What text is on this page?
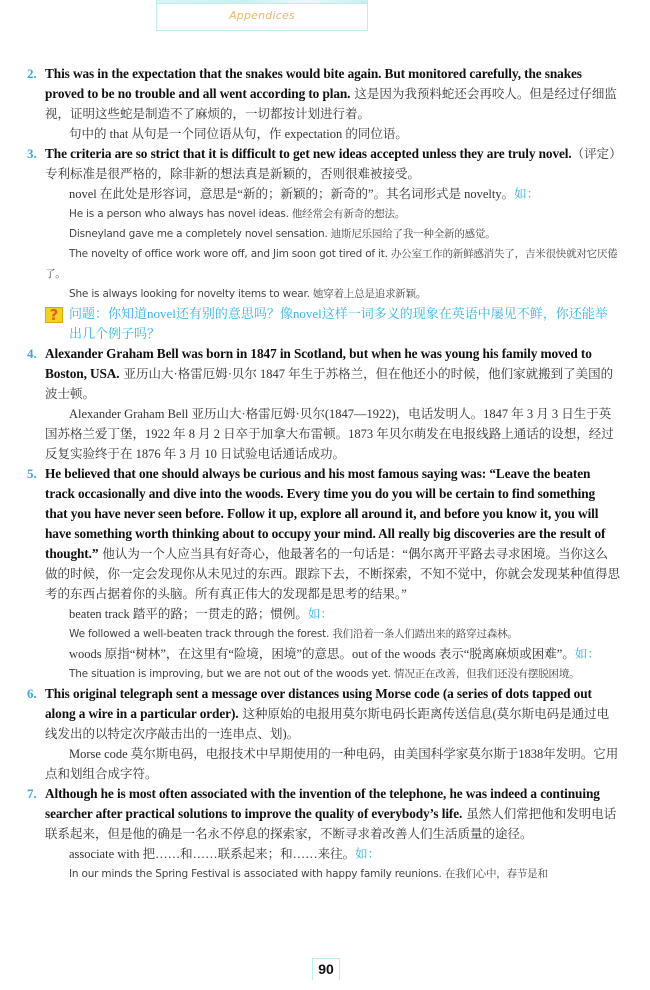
Appendices
2. This was in the expectation that the snakes would bite again. But monitored carefully, the snakes proved to be no trouble and all went according to plan. 这是因为我预料蛇还会再咬人。但是经过仔细监视，证明这些蛇是制造不了麻烦的，一切都按计划进行着。

句中的 that 从句是一个同位语从句，作 expectation 的同位语。

3. The criteria are so strict that it is difficult to get new ideas accepted unless they are truly novel.（评定）专利标准是很严格的，除非新的想法真是新颖的，否则很难被接受。

novel 在此处是形容词，意思是“新的；新颖的；新奇的”。其名词形式是 novelty。如：

He is a person who always has novel ideas. 他经常会有新奇的想法。

Disneyland gave me a completely novel sensation. 迪斯尼乐园给了我一种全新的感觉。

The novelty of office work wore off, and Jim soon got tired of it. 办公室工作的新鲜感消失了，吉米很快就对它厌倦了。

She is always looking for novelty items to wear. 她穿着上总是追求新颖。

? 问题：你知道novel还有别的意思吗？像novel这样一词多义的现象在英语中屡见不鲜，你还能举出几个例子吗？
4. Alexander Graham Bell was born in 1847 in Scotland, but when he was young his family moved to Boston, USA. 亚历山大·格雷厄姆·贝尔 1847 年生于苏格兰，但在他还小的时候，他们家就搬到了美国的波士顿。

Alexander Graham Bell 亚历山大·格雷厄姆·贝尔(1847—1922)，电话发明人。1847 年 3 月 3 日生于英国苏格兰爱丁堡，1922 年 8 月 2 日卒于加拿大布雷顿。1873 年贝尔萌发在电报线路上通话的设想，经过反复实验终于在 1876 年 3 月 10 日试验电话通话成功。

5. He believed that one should always be curious and his most famous saying was: “Leave the beaten track occasionally and dive into the woods. Every time you do you will be certain to find something that you have never seen before. Follow it up, explore all around it, and before you know it, you will have something worth thinking about to occupy your mind. All really big discoveries are the result of thought.” 他认为一个人应当具有好奇心，他最著名的一句话是：“偶尔离开平路去寻求困境。当你这么做的时候，你一定会发现你从未见过的东西。跟踪下去，不断探索，不知不觉中，你就会发现某种值得思考的东西占据着你的头脑。所有真正伟大的发现都是思考的结果。”

beaten track 踏平的路；一贯走的路；惯例。如：

We followed a well-beaten track through the forest. 我们沿着一条人们踏出来的路穿过森林。

woods 原指“树林”，在这里有“险境，困境”的意思。out of the woods 表示“脱离麻烦或困难”。如：

The situation is improving, but we are not out of the woods yet. 情况正在改善，但我们还没有摆脱困境。

6. This original telegraph sent a message over distances using Morse code (a series of dots tapped out along a wire in a particular order). 这种原始的电报用莫尔斯电码长距离传送信息(莫尔斯电码是通过电线发出的以特定次序敲击出的一连串点、划)。

Morse code 莫尔斯电码，电报技术中早期使用的一种电码，由美国科学家莫尔斯于1838年发明。它用点和划组合成字符。

7. Although he is most often associated with the invention of the telephone, he was indeed a continuing searcher after practical solutions to improve the quality of everybody’s life. 虽然人们常把他和发明电话联系起来，但是他的确是一名永不停息的探索家，不断寻求着改善人们生活质量的途径。

associate with 把……和……联系起来；和……来往。如：

In our minds the Spring Festival is associated with happy family reunions. 在我们心中，春节是和

90
